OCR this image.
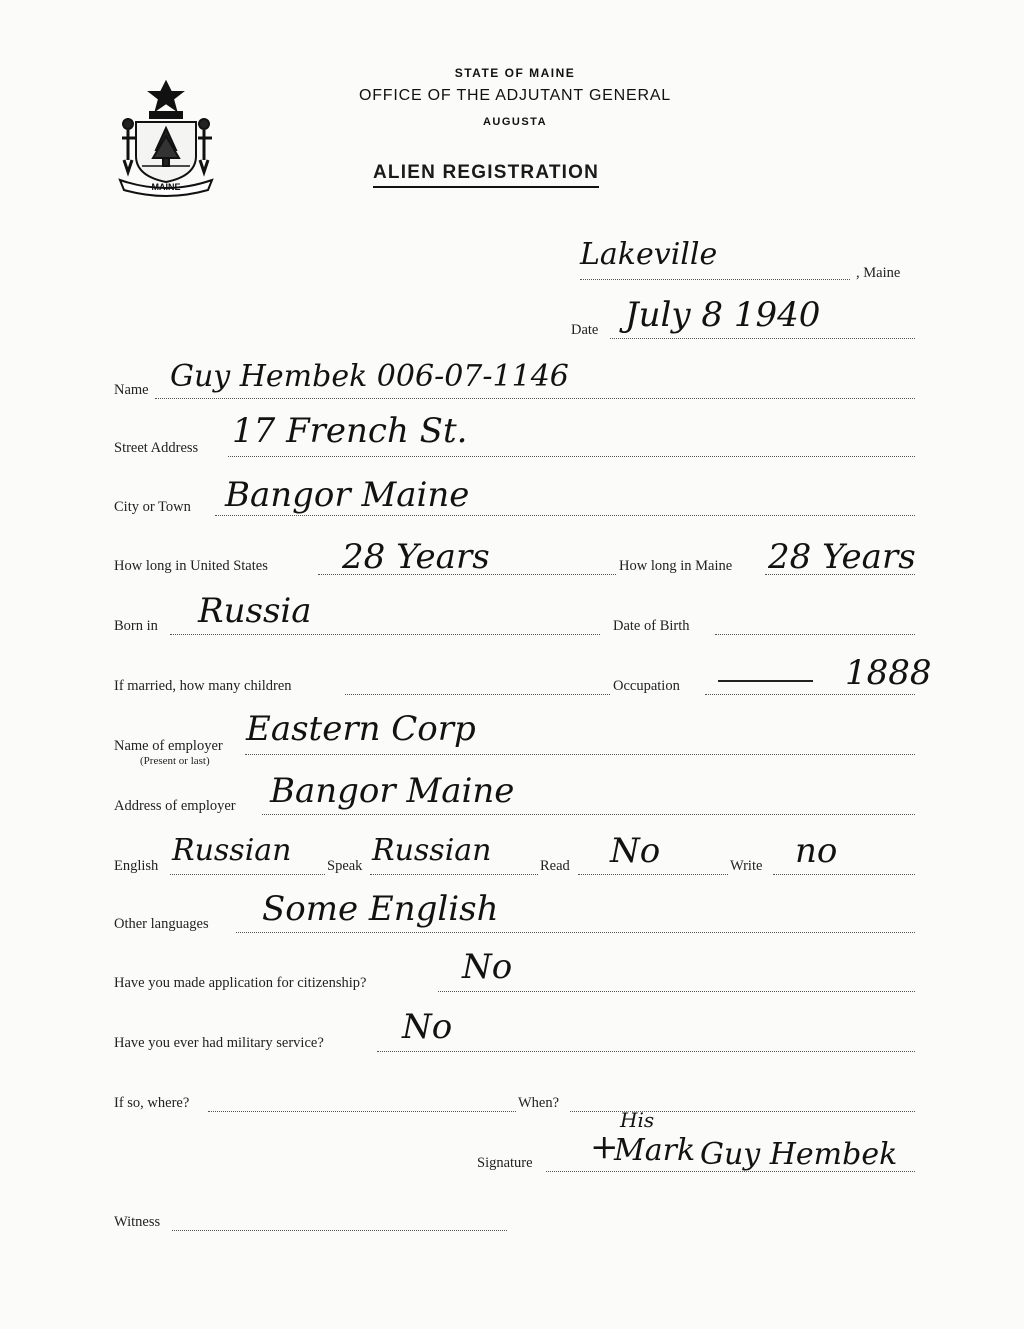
MAINE
STATE OF MAINE
OFFICE OF THE ADJUTANT GENERAL
AUGUSTA
ALIEN REGISTRATION
Lakeville
, Maine
Date July 8 1940
Name Guy Hembek 006-07-1146
Street Address 17 French St.
City or Town Bangor Maine
How long in United States 28 Years	How long in Maine 28 Years
Born in Russia	Date of Birth
If married, how many children	Occupation	1888
Name of employer
(Present or last)
Eastern Corp
Address of employer Bangor Maine
English Russian Speak Russian	Read No	Write no
Other languages Some English
Have you made application for citizenship?	No
Have you ever had military service? No
If so, where?	When?
Signature +
His
Mark Guy Hembek
Witness
